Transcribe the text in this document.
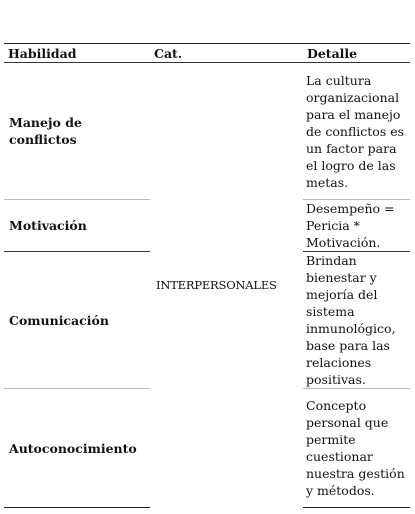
Habilidad	Cat.	Detalle
Manejo de conflictos	INTERPERSONALES	La cultura organizacional para el manejo de conflictos es un factor para el logro de las metas.

Motivación		Desempeño = Pericia * Motivación.

Comunicación		Brindan bienestar y mejoría del sistema inmunológico, base para las relaciones positivas.

Autoconocimiento		Concepto personal que permite cuestionar nuestra gestión y métodos.
